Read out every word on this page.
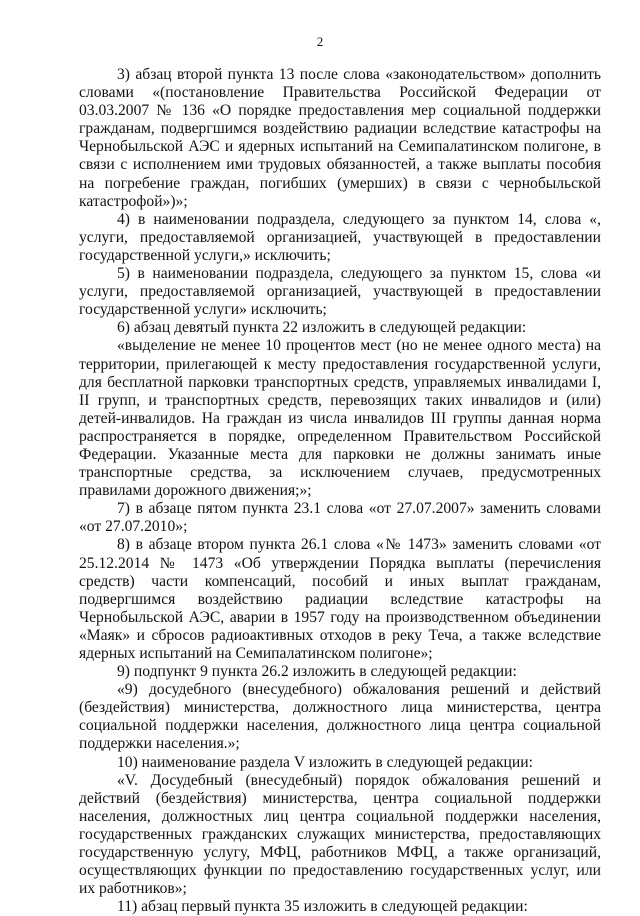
2

3) абзац второй пункта 13 после слова «законодательством» дополнить словами «(постановление Правительства Российской Федерации от 03.03.2007 № 136 «О порядке предоставления мер социальной поддержки гражданам, подвергшимся воздействию радиации вследствие катастрофы на Чернобыльской АЭС и ядерных испытаний на Семипалатинском полигоне, в связи с исполнением ими трудовых обязанностей, а также выплаты пособия на погребение граждан, погибших (умерших) в связи с чернобыльской катастрофой»)»;

4) в наименовании подраздела, следующего за пунктом 14, слова «, услуги, предоставляемой организацией, участвующей в предоставлении государственной услуги,» исключить;

5) в наименовании подраздела, следующего за пунктом 15, слова «и услуги, предоставляемой организацией, участвующей в предоставлении государственной услуги» исключить;

6) абзац девятый пункта 22 изложить в следующей редакции:

«выделение не менее 10 процентов мест (но не менее одного места) на территории, прилегающей к месту предоставления государственной услуги, для бесплатной парковки транспортных средств, управляемых инвалидами I, II групп, и транспортных средств, перевозящих таких инвалидов и (или) детей-инвалидов. На граждан из числа инвалидов III группы данная норма распространяется в порядке, определенном Правительством Российской Федерации. Указанные места для парковки не должны занимать иные транспортные средства, за исключением случаев, предусмотренных правилами дорожного движения;»;

7) в абзаце пятом пункта 23.1 слова «от 27.07.2007» заменить словами «от 27.07.2010»;

8) в абзаце втором пункта 26.1 слова «№ 1473» заменить словами «от 25.12.2014 № 1473 «Об утверждении Порядка выплаты (перечисления средств) части компенсаций, пособий и иных выплат гражданам, подвергшимся воздействию радиации вследствие катастрофы на Чернобыльской АЭС, аварии в 1957 году на производственном объединении «Маяк» и сбросов радиоактивных отходов в реку Теча, а также вследствие ядерных испытаний на Семипалатинском полигоне»;

9) подпункт 9 пункта 26.2 изложить в следующей редакции:

«9) досудебного (внесудебного) обжалования решений и действий (бездействия) министерства, должностного лица министерства, центра социальной поддержки населения, должностного лица центра социальной поддержки населения.»;

10) наименование раздела V изложить в следующей редакции:

«V. Досудебный (внесудебный) порядок обжалования решений и действий (бездействия) министерства, центра социальной поддержки населения, должностных лиц центра социальной поддержки населения, государственных гражданских служащих министерства, предоставляющих государственную услугу, МФЦ, работников МФЦ, а также организаций, осуществляющих функции по предоставлению государственных услуг, или их работников»;

11) абзац первый пункта 35 изложить в следующей редакции:
